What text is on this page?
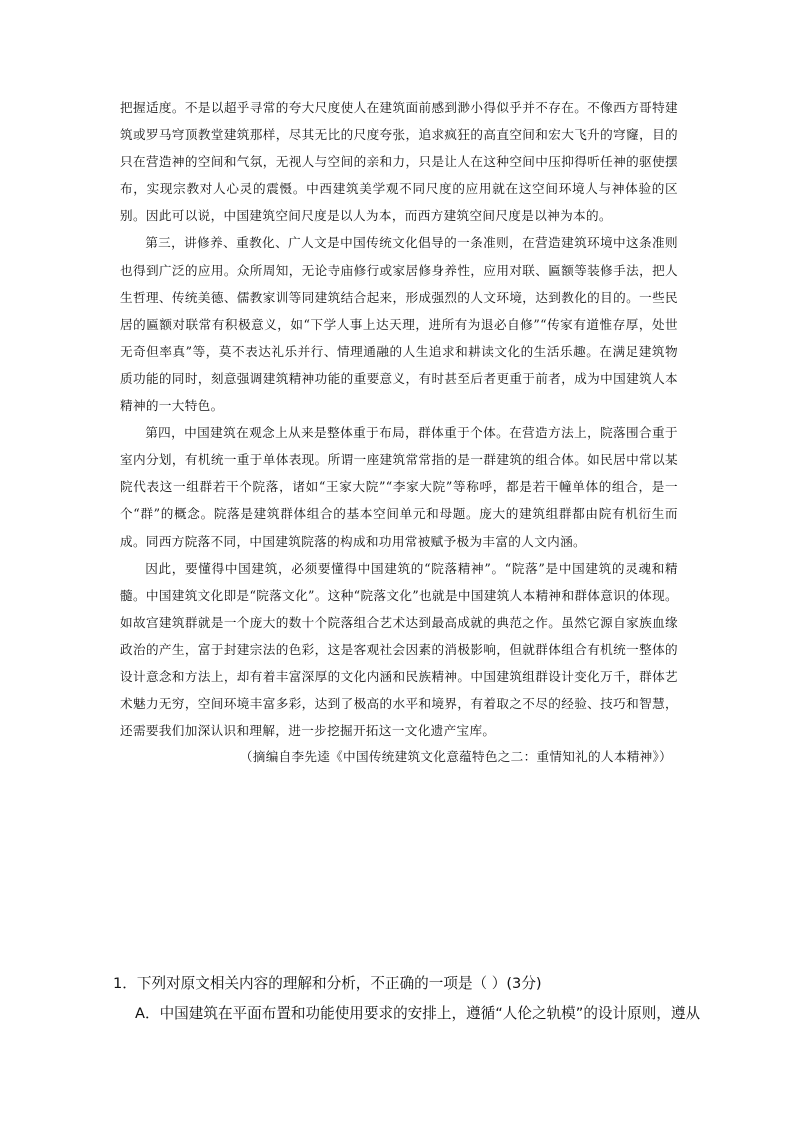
把握适度。不是以超乎寻常的夸大尺度使人在建筑面前感到渺小得似乎并不存在。不像西方哥特建筑或罗马穹顶教堂建筑那样，尽其无比的尺度夸张，追求疯狂的高直空间和宏大飞升的穹窿，目的只在营造神的空间和气氛，无视人与空间的亲和力，只是让人在这种空间中压抑得听任神的驱使摆布，实现宗教对人心灵的震慑。中西建筑美学观不同尺度的应用就在这空间环境人与神体验的区别。因此可以说，中国建筑空间尺度是以人为本，而西方建筑空间尺度是以神为本的。

第三，讲修养、重教化、广人文是中国传统文化倡导的一条准则，在营造建筑环境中这条准则也得到广泛的应用。众所周知，无论寺庙修行或家居修身养性，应用对联、匾额等装修手法，把人生哲理、传统美德、儒教家训等同建筑结合起来，形成强烈的人文环境，达到教化的目的。一些民居的匾额对联常有积极意义，如“下学人事上达天理，进所有为退必自修”“传家有道惟存厚，处世无奇但率真”等，莫不表达礼乐并行、情理通融的人生追求和耕读文化的生活乐趣。在满足建筑物质功能的同时，刻意强调建筑精神功能的重要意义，有时甚至后者更重于前者，成为中国建筑人本精神的一大特色。

第四，中国建筑在观念上从来是整体重于布局，群体重于个体。在营造方法上，院落围合重于室内分划，有机统一重于单体表现。所谓一座建筑常常指的是一群建筑的组合体。如民居中常以某院代表这一组群若干个院落，诸如“王家大院”“李家大院”等称呼，都是若干幢单体的组合，是一个“群”的概念。院落是建筑群体组合的基本空间单元和母题。庞大的建筑组群都由院有机衍生而成。同西方院落不同，中国建筑院落的构成和功用常被赋予极为丰富的人文内涵。

因此，要懂得中国建筑，必须要懂得中国建筑的“院落精神”。“院落”是中国建筑的灵魂和精髓。中国建筑文化即是“院落文化”。这种“院落文化”也就是中国建筑人本精神和群体意识的体现。如故宫建筑群就是一个庞大的数十个院落组合艺术达到最高成就的典范之作。虽然它源自家族血缘政治的产生，富于封建宗法的色彩，这是客观社会因素的消极影响，但就群体组合有机统一整体的设计意念和方法上，却有着丰富深厚的文化内涵和民族精神。中国建筑组群设计变化万千，群体艺术魅力无穷，空间环境丰富多彩，达到了极高的水平和境界，有着取之不尽的经验、技巧和智慧，还需要我们加深认识和理解，进一步挖掘开拓这一文化遗产宝库。

（摘编自李先逵《中国传统建筑文化意蕴特色之二：重情知礼的人本精神》）

1．下列对原文相关内容的理解和分析，不正确的一项是（ ）(3分)

A．中国建筑在平面布置和功能使用要求的安排上，遵循“人伦之轨模”的设计原则，遵从
